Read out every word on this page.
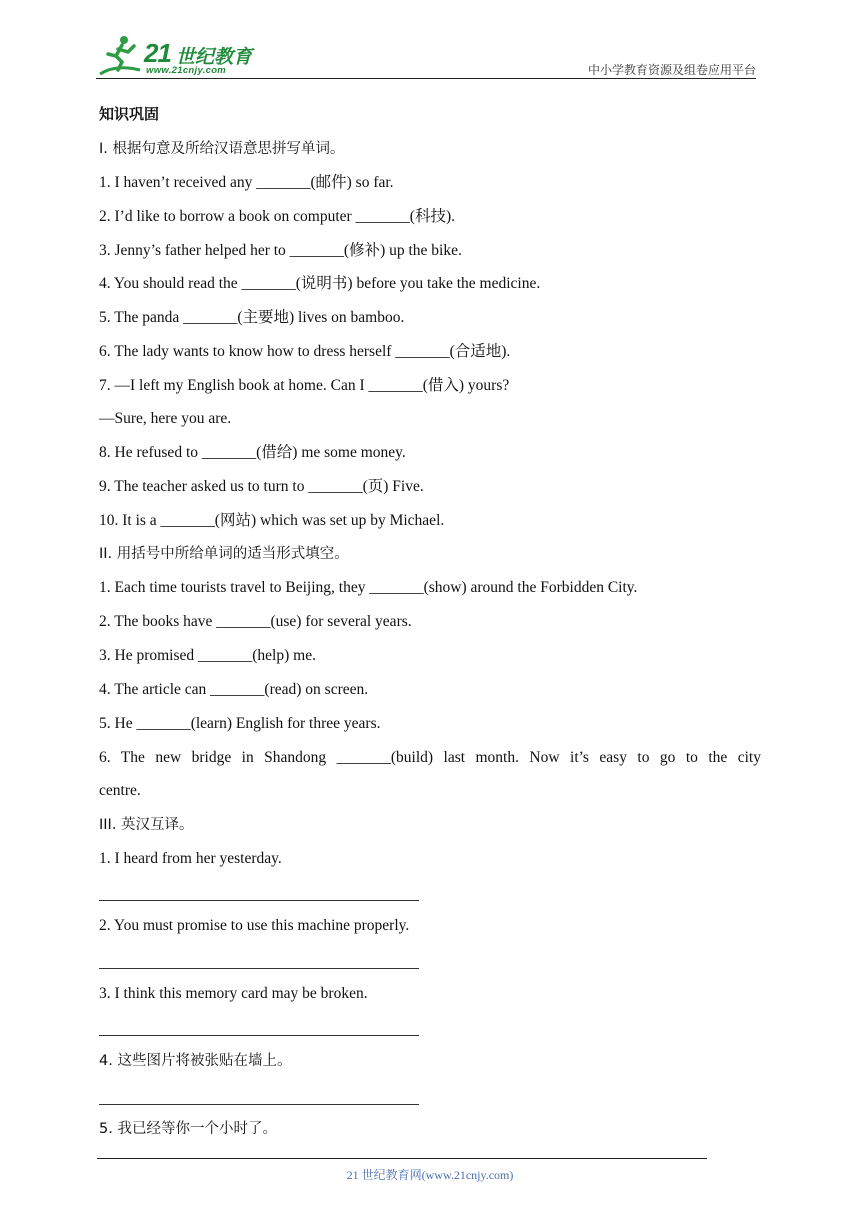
21 世纪教育
www.21cnjy.com	中小学教育资源及组卷应用平台
知识巩固
I. 根据句意及所给汉语意思拼写单词。
1. I haven’t received any _______(邮件) so far.
2. I’d like to borrow a book on computer _______(科技).
3. Jenny’s father helped her to _______(修补) up the bike.
4. You should read the _______(说明书) before you take the medicine.
5. The panda _______(主要地) lives on bamboo.
6. The lady wants to know how to dress herself _______(合适地).
7. —I left my English book at home. Can I _______(借入) yours?
—Sure, here you are.
8. He refused to _______(借给) me some money.
9. The teacher asked us to turn to _______(页) Five.
10. It is a _______(网站) which was set up by Michael.
II. 用括号中所给单词的适当形式填空。
1. Each time tourists travel to Beijing, they _______(show) around the Forbidden City.
2. The books have _______(use) for several years.
3. He promised _______(help) me.
4. The article can _______(read) on screen.
5. He _______(learn) English for three years.
6. The new bridge in Shandong _______(build) last month. Now it’s easy to go to the city
centre.
III. 英汉互译。
1. I heard from her yesterday.
2. You must promise to use this machine properly.
3. I think this memory card may be broken.
4. 这些图片将被张贴在墙上。
5. 我已经等你一个小时了。
21 世纪教育网(www.21cnjy.com)
